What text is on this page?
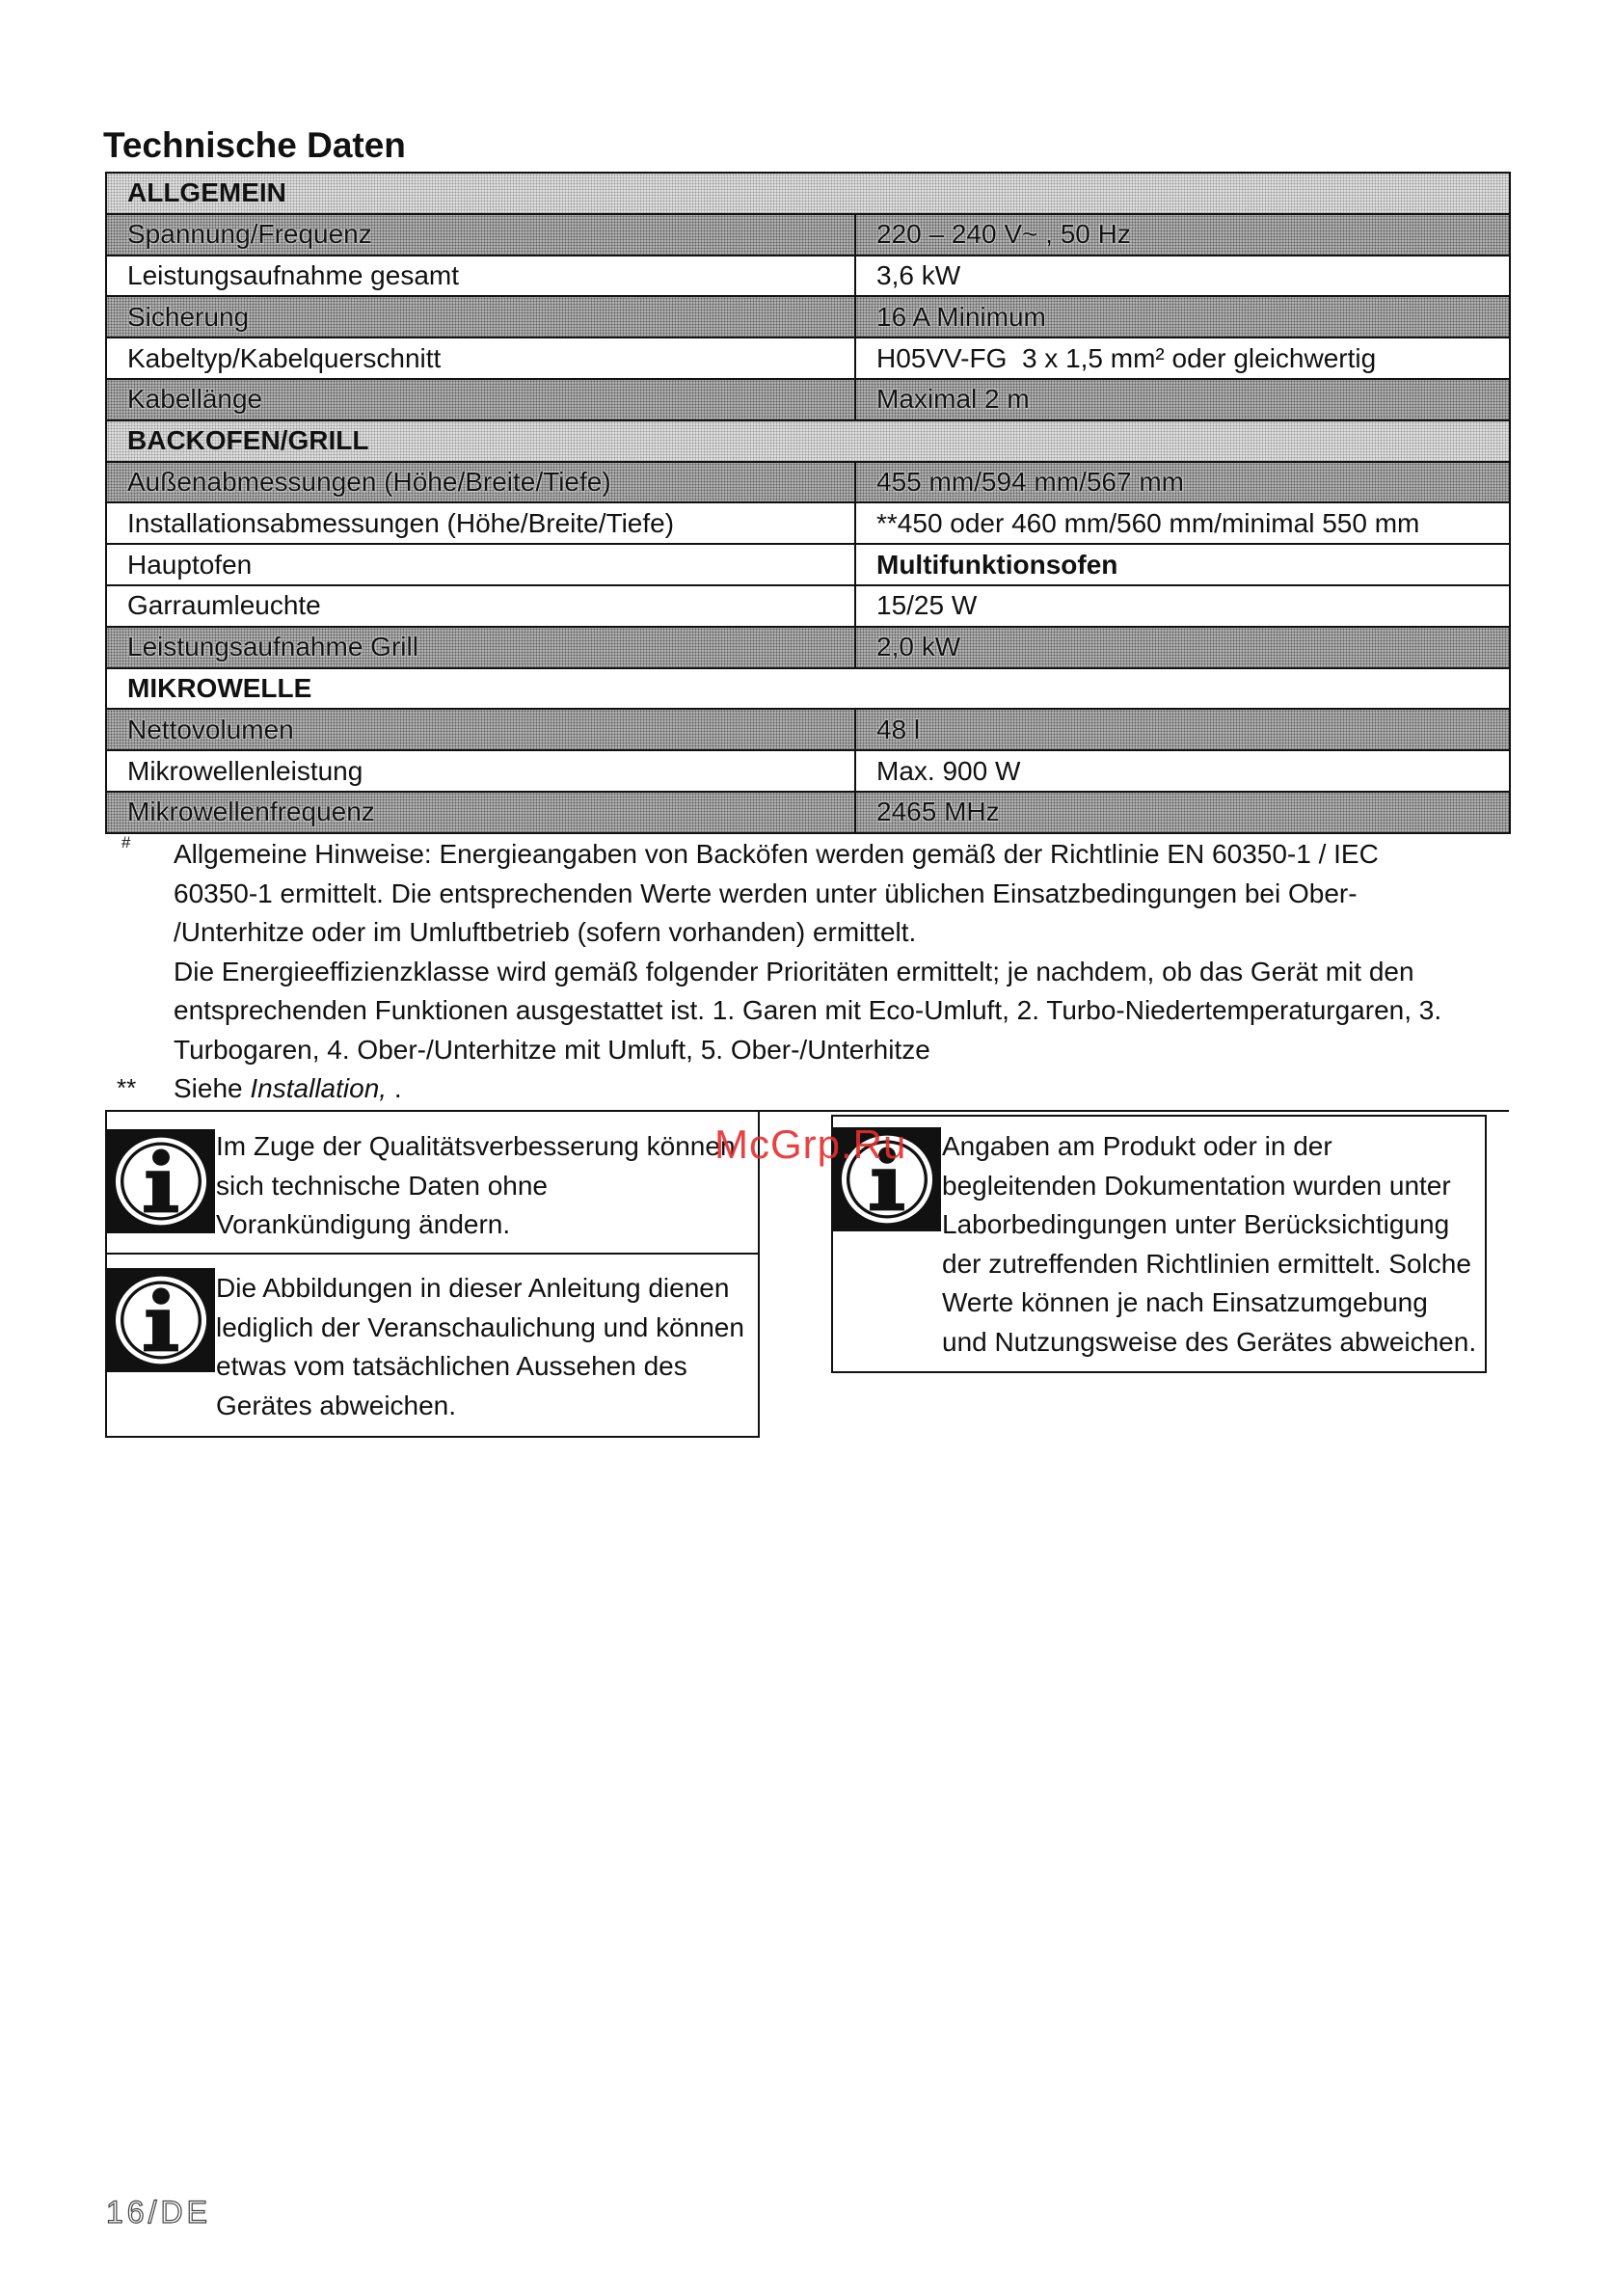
Technische Daten
ALLGEMEIN	
Spannung/Frequenz	220 – 240 V~ , 50 Hz
Leistungsaufnahme gesamt	3,6 kW
Sicherung	16 A Minimum
Kabeltyp/Kabelquerschnitt	H05VV-FG  3 x 1,5 mm² oder gleichwertig
Kabellänge	Maximal 2 m
BACKOFEN/GRILL	
Außenabmessungen (Höhe/Breite/Tiefe)	455 mm/594 mm/567 mm
Installationsabmessungen (Höhe/Breite/Tiefe)	**450 oder 460 mm/560 mm/minimal 550 mm
Hauptofen	Multifunktionsofen
Garraumleuchte	15/25 W
Leistungsaufnahme Grill	2,0 kW
MIKROWELLE	
Nettovolumen	48 l
Mikrowellenleistung	Max. 900 W
Mikrowellenfrequenz	2465 MHz
#
**
Allgemeine Hinweise: Energieangaben von Backöfen werden gemäß der Richtlinie EN 60350-1 / IEC
60350-1 ermittelt. Die entsprechenden Werte werden unter üblichen Einsatzbedingungen bei Ober-
/Unterhitze oder im Umluftbetrieb (sofern vorhanden) ermittelt.
Die Energieeffizienzklasse wird gemäß folgender Prioritäten ermittelt; je nachdem, ob das Gerät mit den
entsprechenden Funktionen ausgestattet ist. 1. Garen mit Eco-Umluft, 2. Turbo-Niedertemperaturgaren, 3.
Turbogaren, 4. Ober-/Unterhitze mit Umluft, 5. Ober-/Unterhitze
Siehe Installation, .
Im Zuge der Qualitätsverbesserung können
sich technische Daten ohne
Vorankündigung ändern.
Die Abbildungen in dieser Anleitung dienen
lediglich der Veranschaulichung und können
etwas vom tatsächlichen Aussehen des
Gerätes abweichen.
Angaben am Produkt oder in der
begleitenden Dokumentation wurden unter
Laborbedingungen unter Berücksichtigung
der zutreffenden Richtlinien ermittelt. Solche
Werte können je nach Einsatzumgebung
und Nutzungsweise des Gerätes abweichen.
McGrp.Ru
16/DE
